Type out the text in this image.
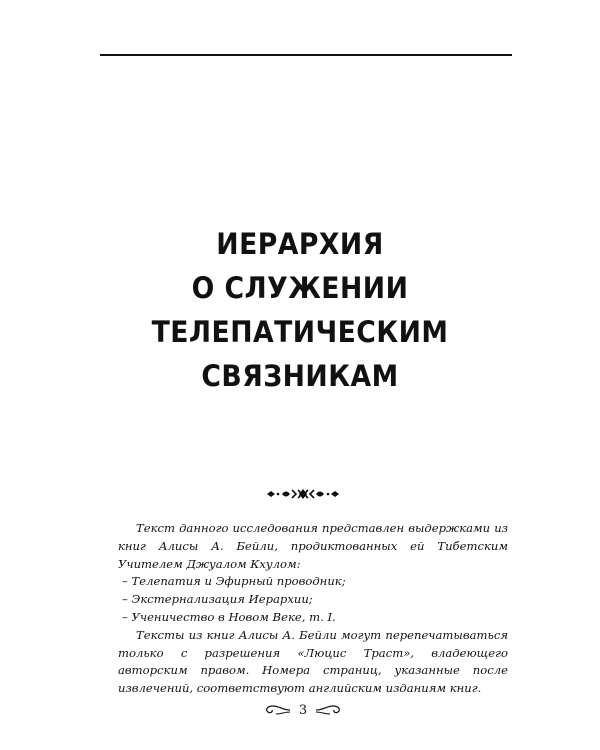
ИЕРАРХИЯ
О СЛУЖЕНИИ
ТЕЛЕПАТИЧЕСКИМ
СВЯЗНИКАМ

Текст данного исследования представлен выдержками из книг Алисы А. Бейли, продиктованных ей Тибетским Учителем Джуалом Кхулом:

– Телепатия и Эфирный проводник;

– Экстернализация Иерархии;

– Ученичество в Новом Веке, т. I.

Тексты из книг Алисы А. Бейли могут перепечатываться только с разрешения «Люцис Траст», владеющего авторским правом. Номера страниц, указанные после извлечений, соответствуют английским изданиям книг.

3
